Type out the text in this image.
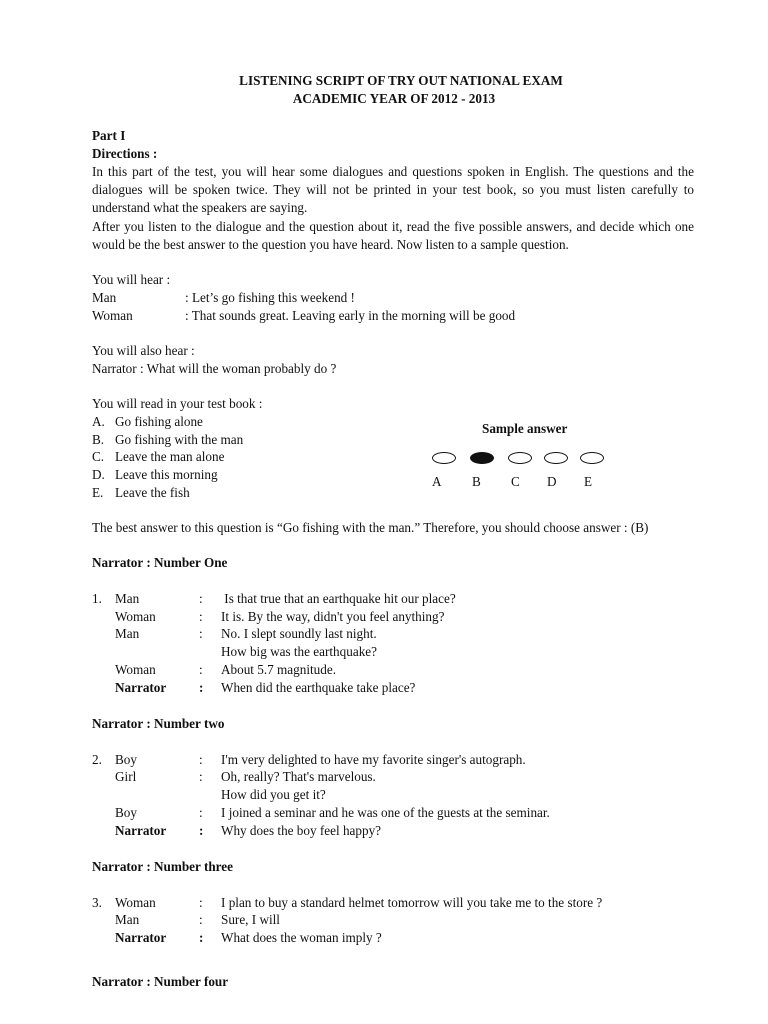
LISTENING SCRIPT OF TRY OUT NATIONAL EXAM
ACADEMIC YEAR OF 2012 - 2013
Part I
Directions :
In this part of the test, you will hear some dialogues and questions spoken in English. The questions and the dialogues will be spoken twice. They will not be printed in your test book, so you must listen carefully to understand what the speakers are saying.
After you listen to the dialogue and the question about it, read the five possible answers, and decide which one would be the best answer to the question you have heard. Now listen to a sample question.
You will hear :
Man	: Let’s go fishing this weekend !
Woman	: That sounds great. Leaving early in the morning will be good
You will also hear :
Narrator : What will the woman probably do ?
You will read in your test book :
A. Go fishing alone
B. Go fishing with the man
C. Leave the man alone
D. Leave this morning
E. Leave the fish
The best answer to this question is “Go fishing with the man.” Therefore, you should choose answer : (B)
Narrator : Number One
1. Man	:	Is that true that an earthquake hit our place?
Woman	:	It is. By the way, didn't you feel anything?
Man	:	No. I slept soundly last night.
How big was the earthquake?
Woman	:	About 5.7 magnitude.
Narrator	:	When did the earthquake take place?
Narrator : Number two
2. Boy	:	I'm very delighted to have my favorite singer's autograph.
Girl	:	Oh, really? That's marvelous.
How did you get it?
Boy	:	I joined a seminar and he was one of the guests at the seminar.
Narrator	:	Why does the boy feel happy?
Narrator : Number three
3. Woman	:	I plan to buy a standard helmet tomorrow will you take me to the store ?
Man	:	Sure, I will
Narrator	:	What does the woman imply ?
Narrator : Number four
Sample answer
A B C D E
